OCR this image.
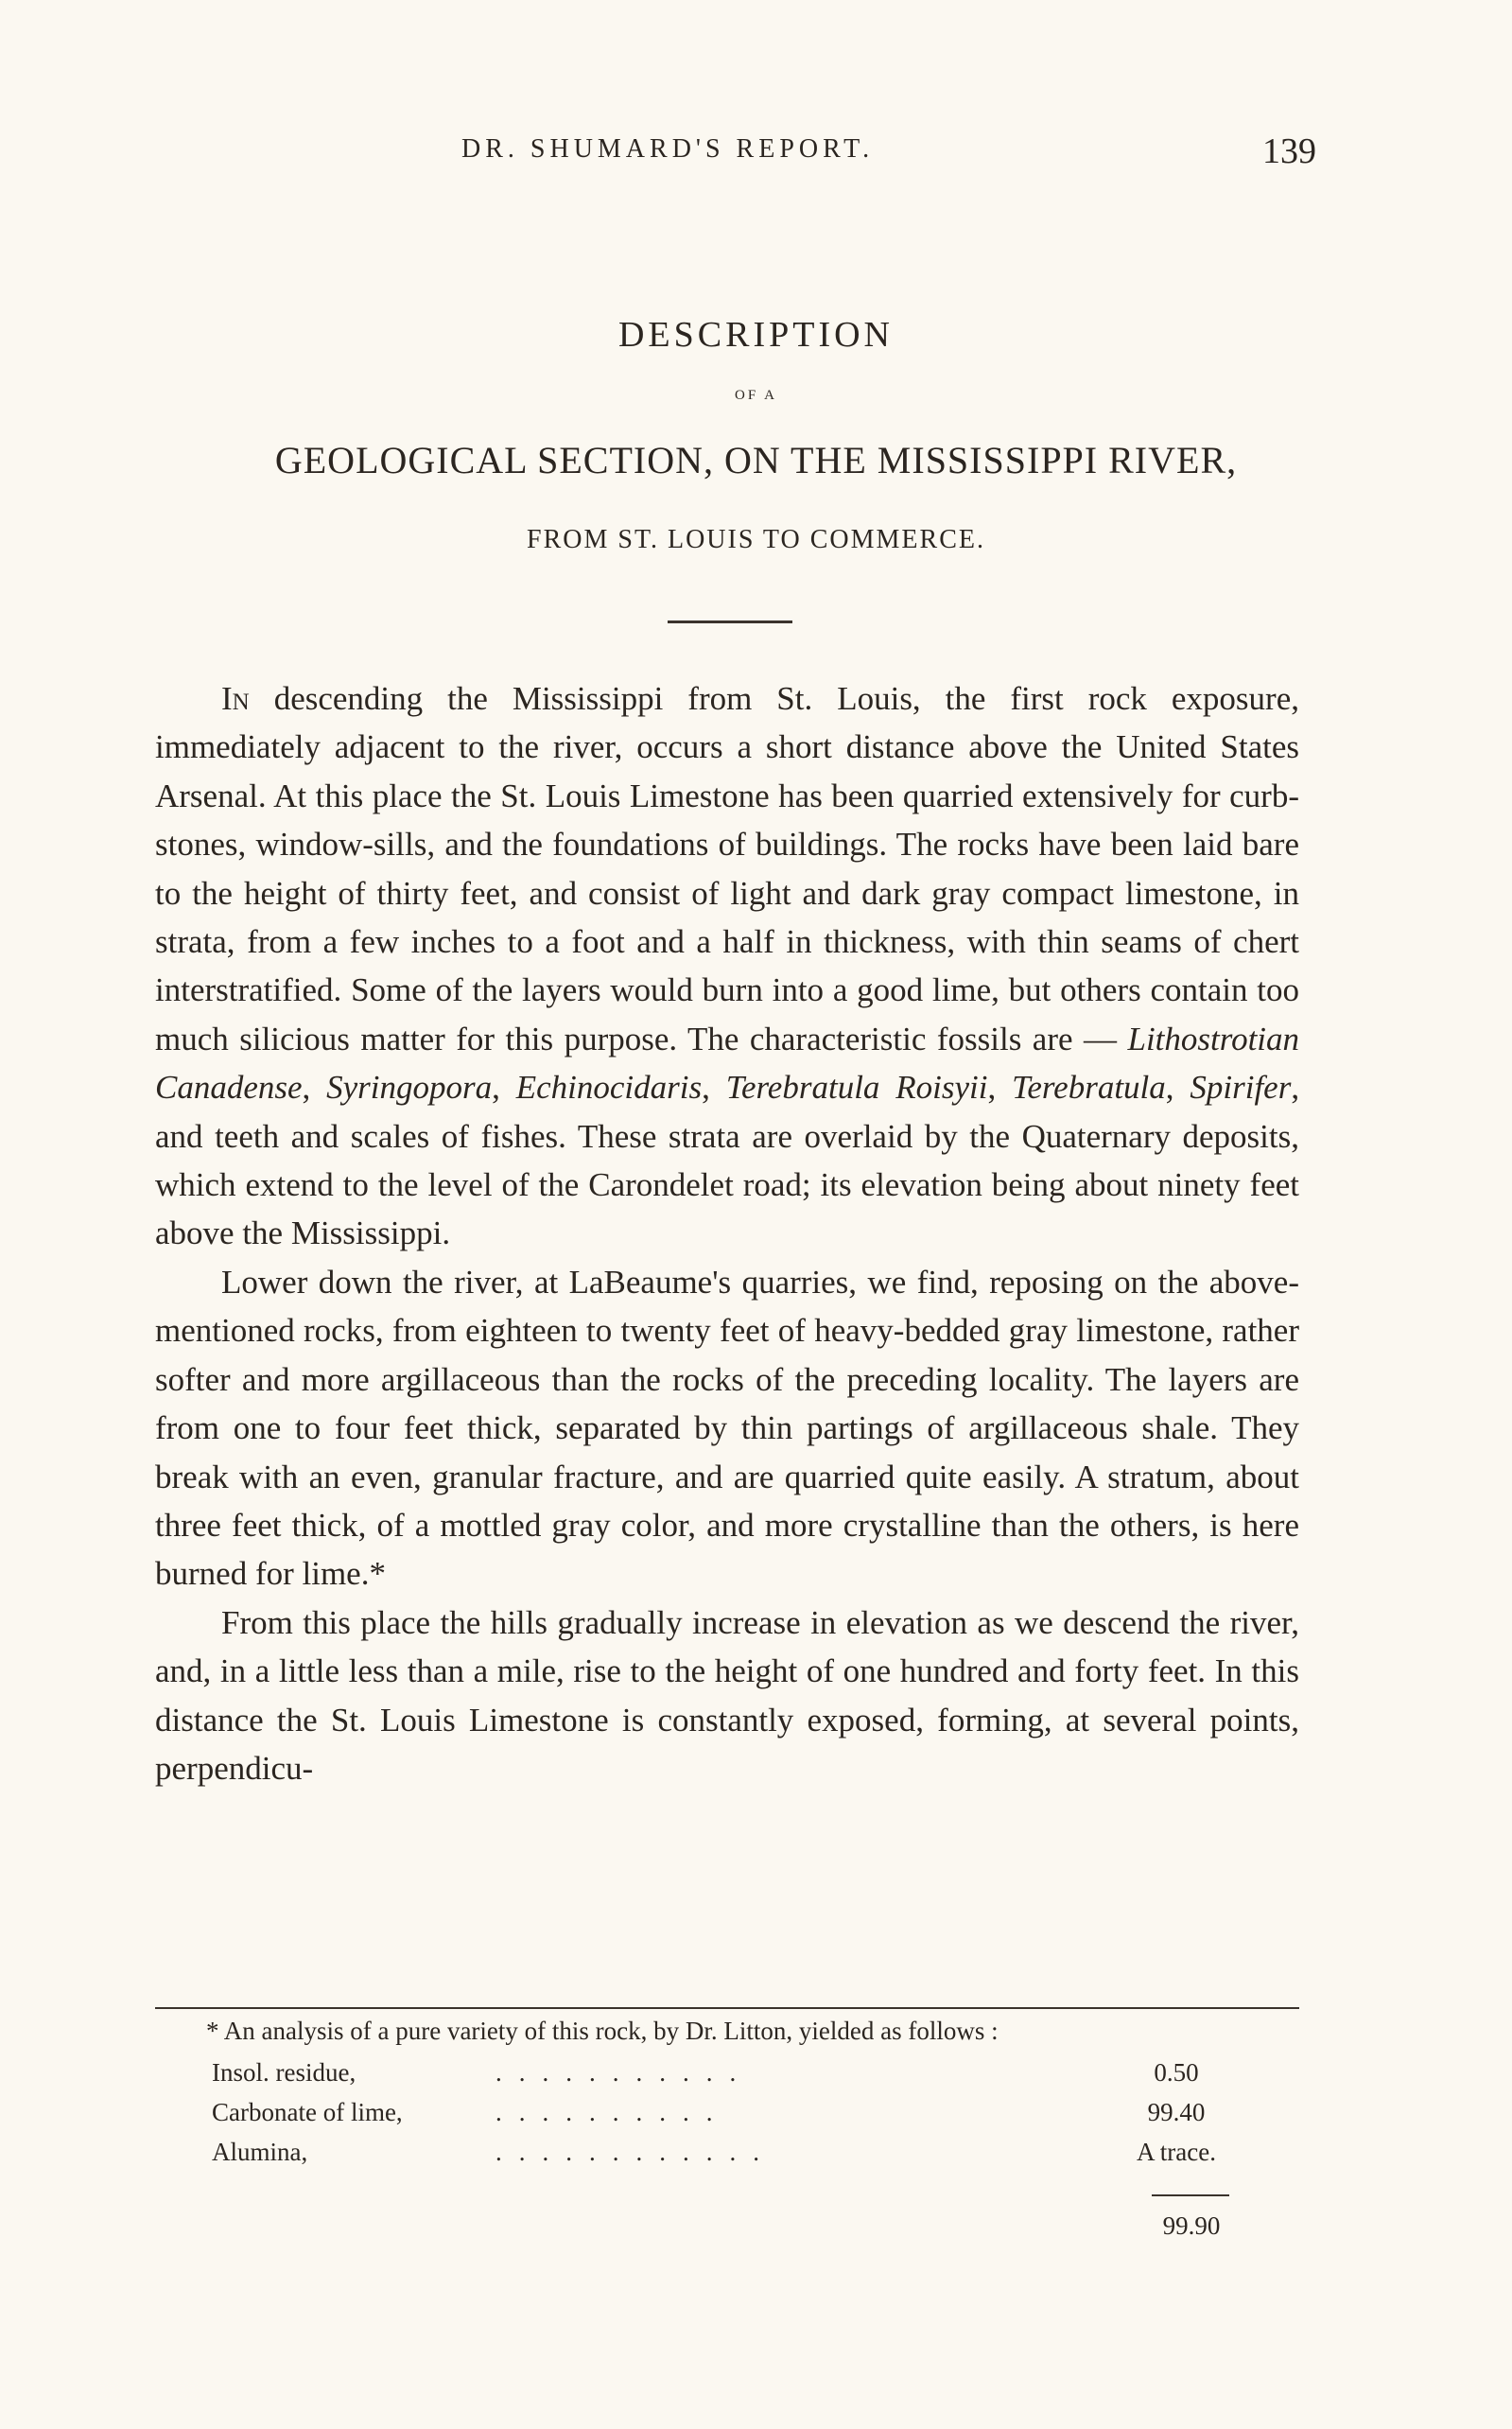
DR. SHUMARD'S REPORT.	139
DESCRIPTION
OF A
GEOLOGICAL SECTION, ON THE MISSISSIPPI RIVER,
FROM ST. LOUIS TO COMMERCE.

In descending the Mississippi from St. Louis, the first rock exposure, immediately adjacent to the river, occurs a short distance above the United States Arsenal. At this place the St. Louis Limestone has been quarried extensively for curb-stones, window-sills, and the foundations of buildings. The rocks have been laid bare to the height of thirty feet, and consist of light and dark gray compact limestone, in strata, from a few inches to a foot and a half in thickness, with thin seams of chert interstratified. Some of the layers would burn into a good lime, but others contain too much silicious matter for this purpose. The characteristic fossils are — Lithostrotian Canadense, Syringopora, Echinocidaris, Terebratula Roisyii, Terebratula, Spirifer, and teeth and scales of fishes. These strata are overlaid by the Quaternary deposits, which extend to the level of the Carondelet road; its elevation being about ninety feet above the Mississippi.

Lower down the river, at LaBeaume's quarries, we find, reposing on the above-mentioned rocks, from eighteen to twenty feet of heavy-bedded gray limestone, rather softer and more argillaceous than the rocks of the preceding locality. The layers are from one to four feet thick, separated by thin partings of argillaceous shale. They break with an even, granular fracture, and are quarried quite easily. A stratum, about three feet thick, of a mottled gray color, and more crystalline than the others, is here burned for lime.*

From this place the hills gradually increase in elevation as we descend the river, and, in a little less than a mile, rise to the height of one hundred and forty feet. In this distance the St. Louis Limestone is constantly exposed, forming, at several points, perpendicu-

* An analysis of a pure variety of this rock, by Dr. Litton, yielded as follows :
Insol. residue,	...........	0.50
Carbonate of lime,	..........	99.40
Alumina,	............	A trace.
99.90
